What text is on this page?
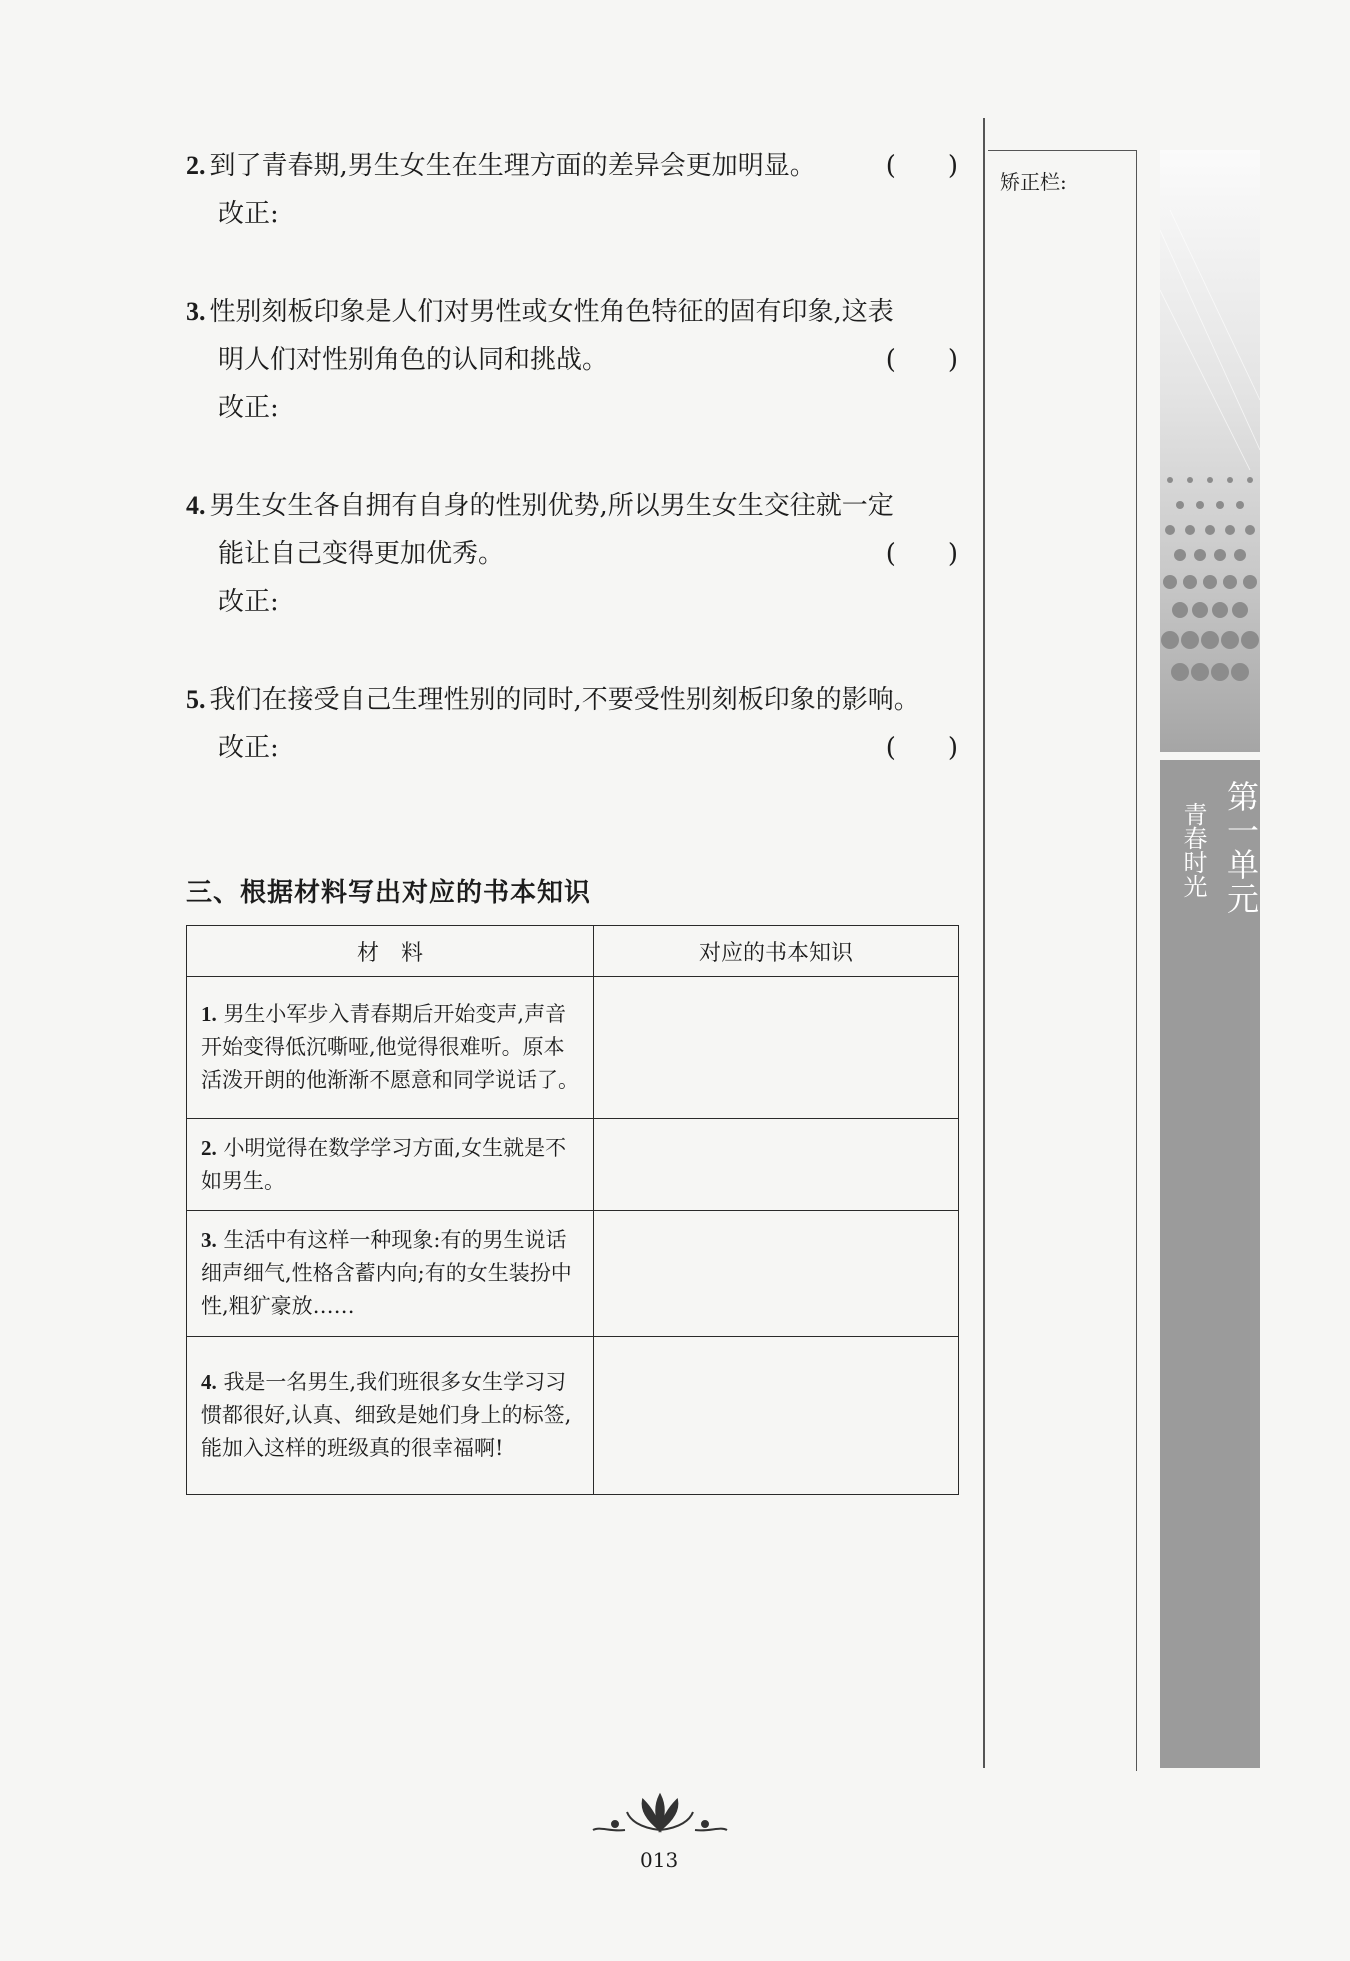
2. 到了青春期,男生女生在生理方面的差异会更加明显。	(　　)
改正:
3. 性别刻板印象是人们对男性或女性角色特征的固有印象,这表
明人们对性别角色的认同和挑战。	(　　)
改正:
4. 男生女生各自拥有自身的性别优势,所以男生女生交往就一定
能让自己变得更加优秀。	(　　)
改正:
5. 我们在接受自己生理性别的同时,不要受性别刻板印象的影响。
(　　)
改正:
三、根据材料写出对应的书本知识
材　料	对应的书本知识
1. 男生小军步入青春期后开始变声,声音开始变得低沉嘶哑,他觉得很难听。原本活泼开朗的他渐渐不愿意和同学说话了。	
2. 小明觉得在数学学习方面,女生就是不如男生。	
3. 生活中有这样一种现象:有的男生说话细声细气,性格含蓄内向;有的女生装扮中性,粗犷豪放……	
4. 我是一名男生,我们班很多女生学习习惯都很好,认真、细致是她们身上的标签,能加入这样的班级真的很幸福啊!	
矫正栏:
第一单元
青春时光
013
